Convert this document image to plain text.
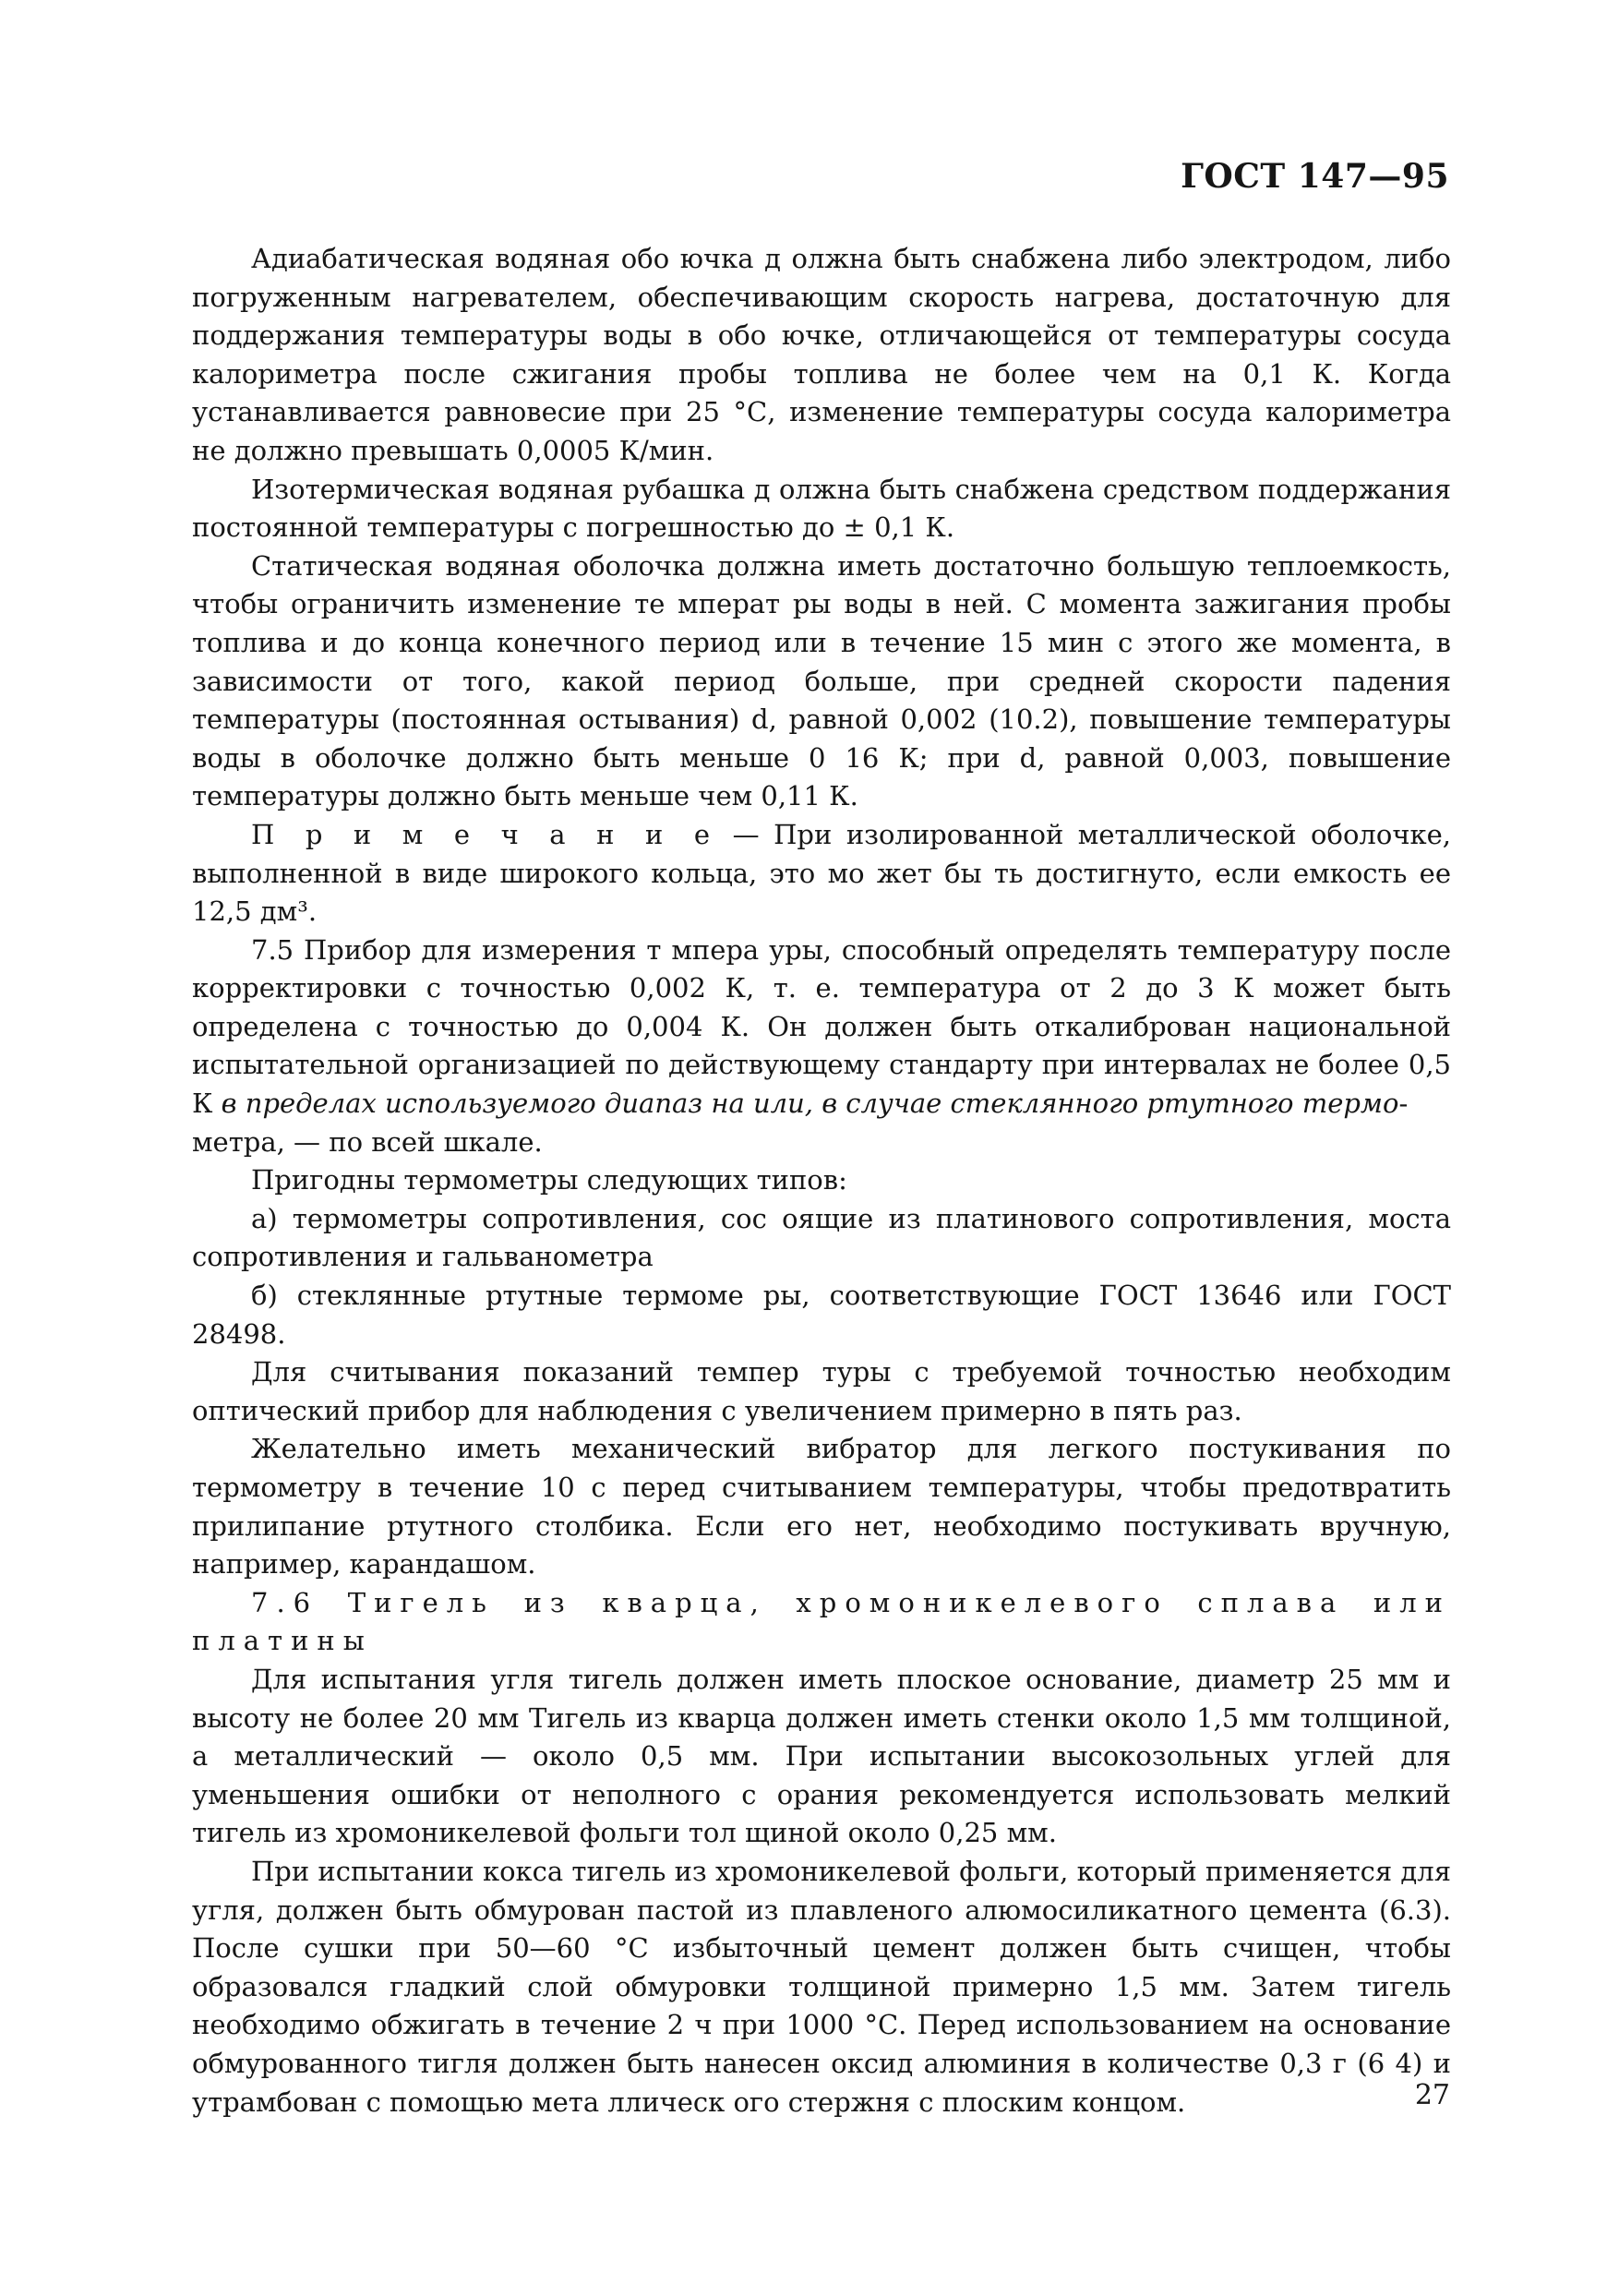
ГОСТ 147—95

Адиабатическая водяная обо ючка д олжна быть снабжена либо электродом, либо погруженным нагревателем, обеспечивающим скорость нагрева, достаточную для поддержания температуры воды в обо ючке, отличающейся от температуры сосуда калориметра после сжигания пробы топлива не более чем на 0,1 К. Когда устанавливается равновесие при 25 °С, изменение температуры сосуда калориметра не должно превышать 0,0005 К/мин.

Изотермическая водяная рубашка д олжна быть снабжена средством поддержания постоянной температуры с погрешностью до ± 0,1 К.

Статическая водяная оболочка должна иметь достаточно большую теплоемкость, чтобы ограничить изменение те мперат ры воды в ней. С момента зажигания пробы топлива и до конца конечного период или в течение 15 мин с этого же момента, в зависимости от того, какой период больше, при средней скорости падения температуры (постоянная остывания) d, равной 0,002 (10.2), повышение температуры воды в оболочке должно быть меньше 0 16 К; при d, равной 0,003, повышение температуры должно быть меньше чем 0,11 К.

П р и м е ч а н и е — При изолированной металлической оболочке, выполненной в виде широкого кольца, это мо жет бы ть достигнуто, если емкость ее 12,5 дм³.

7.5 Прибор для измерения т мпера уры, способный определять температуру после корректировки с точностью 0,002 К, т. е. температура от 2 до 3 К может быть определена с точностью до 0,004 К. Он должен быть откалиброван национальной испытательной организацией по действующему стандарту при интервалах не более 0,5 К в пределах используемого диапаз на или, в случае стеклянного ртутного термо-
метра, — по всей шкале.

Пригодны термометры следующих типов:

а) термометры сопротивления, сос оящие из платинового сопротивления, моста сопротивления и гальванометра

б) стеклянные ртутные термоме ры, соответствующие ГОСТ 13646 или ГОСТ 28498.

Для считывания показаний темпер туры с требуемой точностью необходим оптический прибор для наблюдения с увеличением примерно в пять раз.

Желательно иметь механический вибратор для легкого постукивания по термометру в течение 10 с перед считыванием температуры, чтобы предотвратить прилипание ртутного столбика. Если его нет, необходимо постукивать вручную, например, карандашом.

7.6 Тигель из кварца, хромоникелевого сплава или платины

Для испытания угля тигель должен иметь плоское основание, диаметр 25 мм и высоту не более 20 мм Тигель из кварца должен иметь стенки около 1,5 мм толщиной, а металлический — около 0,5 мм. При испытании высокозольных углей для уменьшения ошибки от неполного с орания рекомендуется использовать мелкий тигель из хромоникелевой фольги тол щиной около 0,25 мм.

При испытании кокса тигель из хромоникелевой фольги, который применяется для угля, должен быть обмурован пастой из плавленого алюмосиликатного цемента (6.3). После сушки при 50—60 °С избыточный цемент должен быть счищен, чтобы образовался гладкий слой обмуровки толщиной примерно 1,5 мм. Затем тигель необходимо обжигать в течение 2 ч при 1000 °С. Перед использованием на основание обмурованного тигля должен быть нанесен оксид алюминия в количестве 0,3 г (6 4) и утрамбован с помощью мета ллическ ого стержня с плоским концом.	27
